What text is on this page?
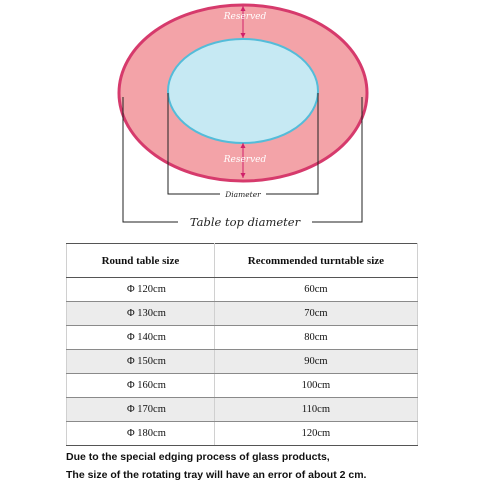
Reserved
Reserved
Diameter
Table top diameter
Round table size	Recommended turntable size
Φ 120cm	60cm
Φ 130cm	70cm
Φ 140cm	80cm
Φ 150cm	90cm
Φ 160cm	100cm
Φ 170cm	110cm
Φ 180cm	120cm
Due to the special edging process of glass products,
The size of the rotating tray will have an error of about 2 cm.
